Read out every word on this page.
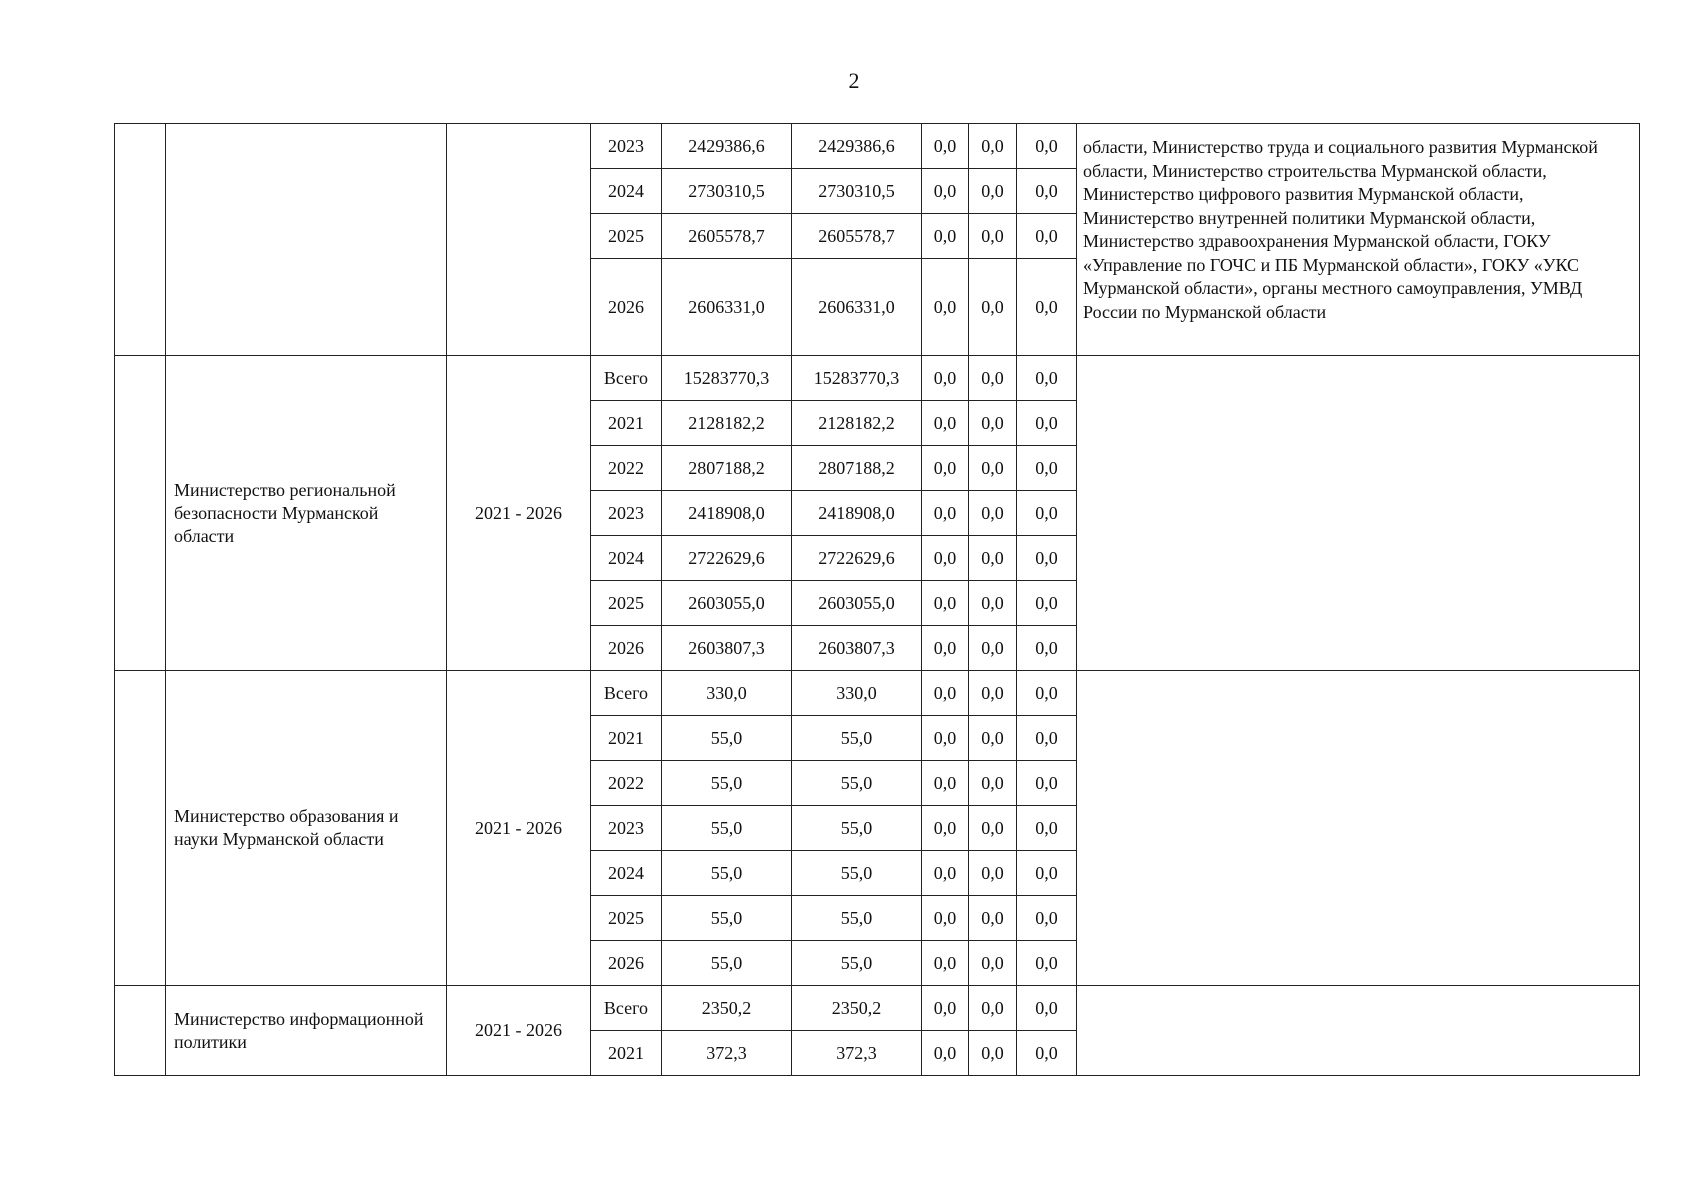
2
			2023	2429386,6	2429386,6	0,0	0,0	0,0	области, Министерство труда и социального развития Мурманской области, Министерство строительства Мурманской области, Министерство цифрового развития Мурманской области, Министерство внутренней политики Мурманской области, Министерство здравоохранения Мурманской области, ГОКУ «Управление по ГОЧС и ПБ Мурманской области», ГОКУ «УКС Мурманской области», органы местного самоуправления, УМВД России по Мурманской области
			2024	2730310,5	2730310,5	0,0	0,0	0,0	
			2025	2605578,7	2605578,7	0,0	0,0	0,0	
			2026	2606331,0	2606331,0	0,0	0,0	0,0	
	Министерство региональной безопасности Мурманской области	2021 - 2026	Всего	15283770,3	15283770,3	0,0	0,0	0,0	
			2021	2128182,2	2128182,2	0,0	0,0	0,0	
			2022	2807188,2	2807188,2	0,0	0,0	0,0	
			2023	2418908,0	2418908,0	0,0	0,0	0,0	
			2024	2722629,6	2722629,6	0,0	0,0	0,0	
			2025	2603055,0	2603055,0	0,0	0,0	0,0	
			2026	2603807,3	2603807,3	0,0	0,0	0,0	
	Министерство образования и науки Мурманской области	2021 - 2026	Всего	330,0	330,0	0,0	0,0	0,0	
			2021	55,0	55,0	0,0	0,0	0,0	
			2022	55,0	55,0	0,0	0,0	0,0	
			2023	55,0	55,0	0,0	0,0	0,0	
			2024	55,0	55,0	0,0	0,0	0,0	
			2025	55,0	55,0	0,0	0,0	0,0	
			2026	55,0	55,0	0,0	0,0	0,0	
	Министерство информационной политики	2021 - 2026	Всего	2350,2	2350,2	0,0	0,0	0,0	
			2021	372,3	372,3	0,0	0,0	0,0	
